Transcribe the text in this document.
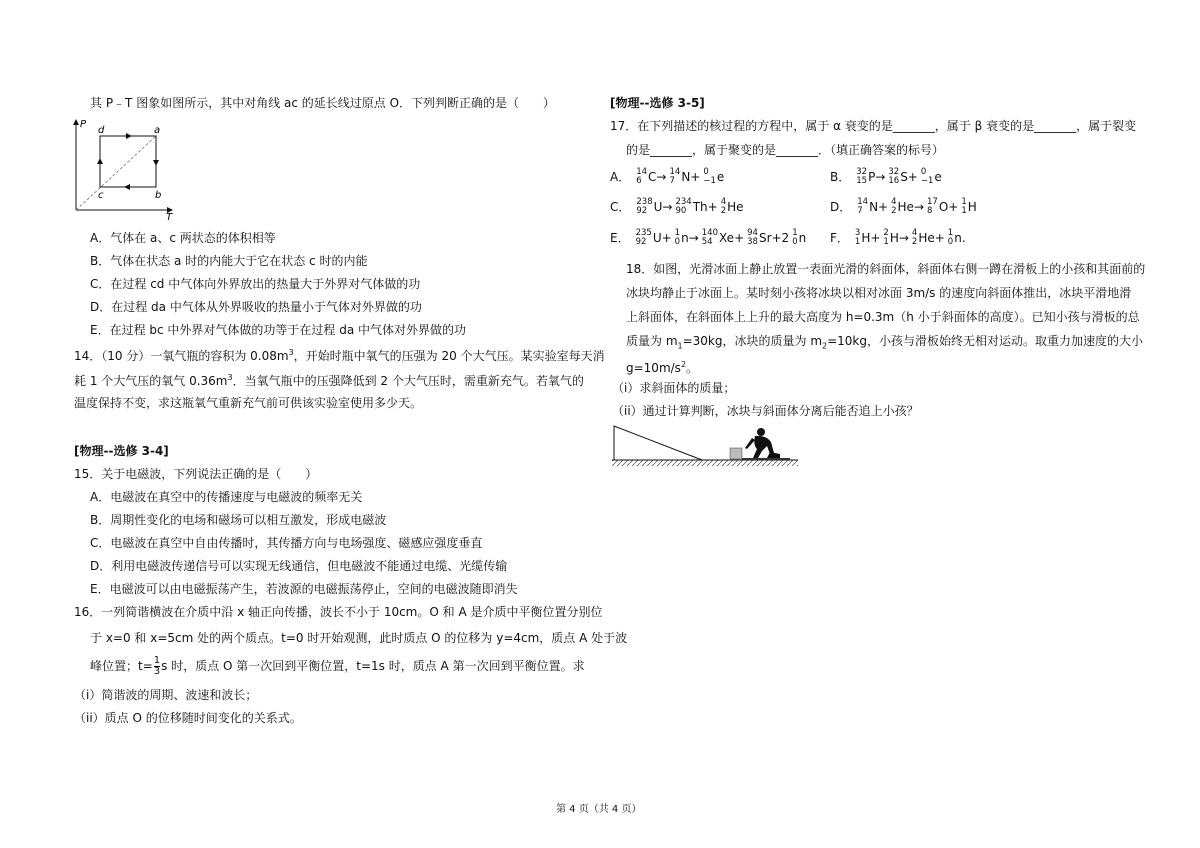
其 P﹣T 图象如图所示，其中对角线 ac 的延长线过原点 O．下列判断正确的是（　　）
P
T
d	a
c	b
A．气体在 a、c 两状态的体积相等
B．气体在状态 a 时的内能大于它在状态 c 时的内能
C．在过程 cd 中气体向外界放出的热量大于外界对气体做的功
D．在过程 da 中气体从外界吸收的热量小于气体对外界做的功
E．在过程 bc 中外界对气体做的功等于在过程 da 中气体对外界做的功
14．（10 分）一氧气瓶的容积为 $0.08m^3$，开始时瓶中氧气的压强为 20 个大气压。某实验室每天消
耗 1 个大气压的氧气 $0.36m^3$．当氧气瓶中的压强降低到 2 个大气压时，需重新充气。若氧气的
温度保持不变，求这瓶氧气重新充气前可供该实验室使用多少天。
[物理--选修 3-4]
15．关于电磁波，下列说法正确的是（　　）
A．电磁波在真空中的传播速度与电磁波的频率无关
B．周期性变化的电场和磁场可以相互激发，形成电磁波
C．电磁波在真空中自由传播时，其传播方向与电场强度、磁感应强度垂直
D．利用电磁波传递信号可以实现无线通信，但电磁波不能通过电缆、光缆传输
E．电磁波可以由电磁振荡产生，若波源的电磁振荡停止，空间的电磁波随即消失
16．一列简谐横波在介质中沿 x 轴正向传播，波长不小于 10cm。O 和 A 是介质中平衡位置分别位
于 x=0 和 x=5cm 处的两个质点。t=0 时开始观测，此时质点 O 的位移为 y=4cm，质点 A 处于波
峰位置；$t= \frac{1}{3}$ s 时，质点 O 第一次回到平衡位置，t=1s 时，质点 A 第一次回到平衡位置。求
（i）简谐波的周期、波速和波长；
（ii）质点 O 的位移随时间变化的关系式。
[物理--选修 3-5]
17．在下列描述的核过程的方程中，属于 α 衰变的是_______，属于 β 衰变的是_______，属于裂变
的是_______，属于聚变的是_______．（填正确答案的标号）
A． 14
6 C→ 14
7 N+ 0
−1 e	B． 32
15 P→ 32
16 S+ 0
−1 e
C． 238
92 U→ 234
90 Th+ 4
2 He	D． 14
7 N+ 4
2 He→ 17
8 O+ 1
1 H
E． 235
92 U+ 1
0 n→ 140
54 Xe+ 94
38 Sr+2 1
0 n F． 3
1 H+ 2
1 H→ 4
2 He+ 1
0 n.
18．如图，光滑冰面上静止放置一表面光滑的斜面体，斜面体右侧一蹲在滑板上的小孩和其面前的
冰块均静止于冰面上。某时刻小孩将冰块以相对冰面 3m/s 的速度向斜面体推出，冰块平滑地滑
上斜面体，在斜面体上上升的最大高度为 h=0.3m（h 小于斜面体的高度）。已知小孩与滑板的总
质量为 $m_1=30kg$，冰块的质量为 $m_2=10kg$，小孩与滑板始终无相对运动。取重力加速度的大小
$g=10m/s^2$。
（i）求斜面体的质量；
（ii）通过计算判断，冰块与斜面体分离后能否追上小孩？
第 4 页（共 4 页）
